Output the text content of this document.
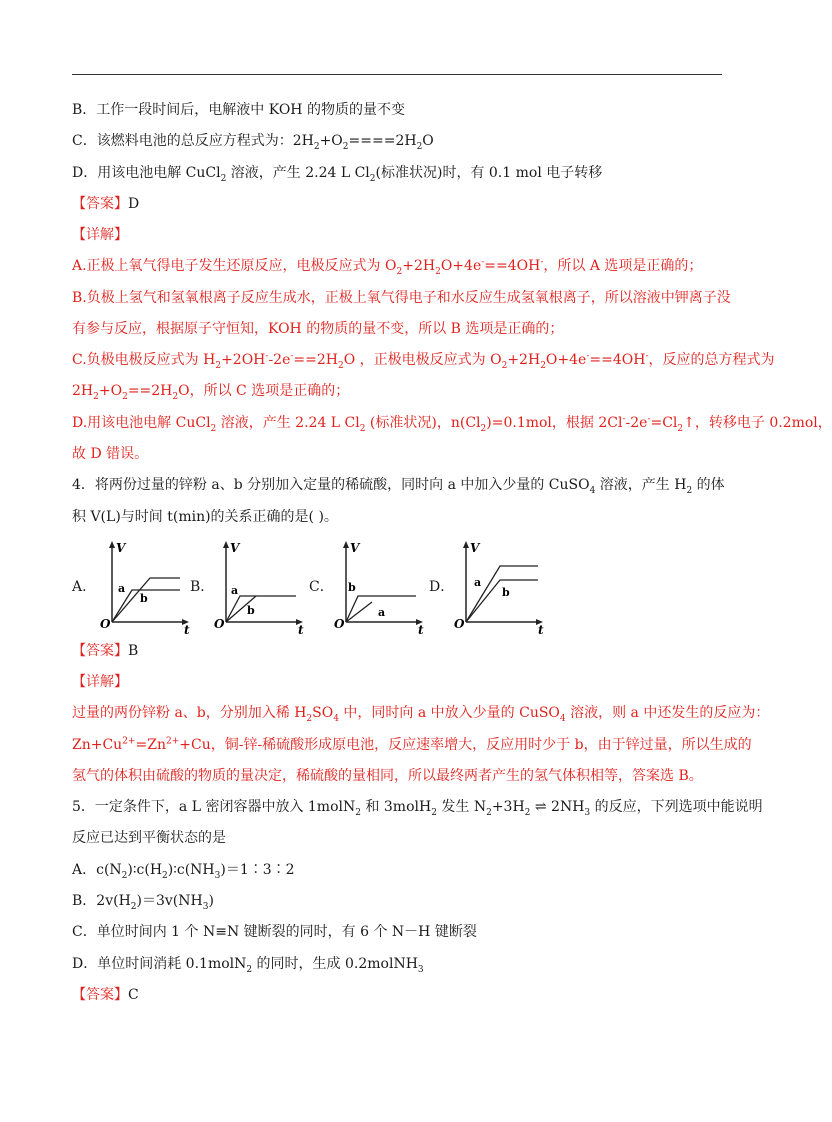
B．工作一段时间后，电解液中 KOH 的物质的量不变
C．该燃料电池的总反应方程式为：$2H_2+O_2====2H_2O$
D．用该电池电解 CuCl$_2$ 溶液，产生 2.24 L $Cl_2$(标准状况)时，有 0.1 mol 电子转移
【答案】D
【详解】
A.正极上氧气得电子发生还原反应，电极反应式为 $O_2+2H_2O+4e^-==4OH^-$，所以 A 选项是正确的；
B.负极上氢气和氢氧根离子反应生成水，正极上氧气得电子和水反应生成氢氧根离子，所以溶液中钾离子没
有参与反应，根据原子守恒知，KOH 的物质的量不变，所以 B 选项是正确的；
C.负极电极反应式为 $H_2+2OH^--2e^-==2H_2O$ ，正极电极反应式为 $O_2+2H_2O+4e^-==4OH^-$，反应的总方程式为
$2H_2+O_2==2H_2O$，所以 C 选项是正确的；
D.用该电池电解 CuCl$_2$ 溶液，产生 2.24 L $Cl_2$ (标准状况)，$n(Cl_2)=0.1mol$，根据 $2Cl^--2e^-=Cl_2↑$，转移电子 0.2mol，
故 D 错误。
4．将两份过量的锌粉 a、b 分别加入定量的稀硫酸，同时向 a 中加入少量的 CuSO$_4$ 溶液，产生 $H_2$ 的体
积 V(L)与时间 t(min)的关系正确的是( )。
A．
V
t
O
a
b
B．
V
t
O
a
b
C．
V
t
O
b
a
D．
V
t
O
a
b
【答案】B
【详解】
过量的两份锌粉 a、b，分别加入稀 $H_2SO_4$ 中，同时向 a 中放入少量的 CuSO$_4$ 溶液，则 a 中还发生的反应为：
$Zn+Cu^{2+}=Zn^{2+}+Cu$，铜-锌-稀硫酸形成原电池，反应速率增大，反应用时少于 b，由于锌过量，所以生成的
氢气的体积由硫酸的物质的量决定，稀硫酸的量相同，所以最终两者产生的氢气体积相等，答案选 B。
5．一定条件下，a L 密闭容器中放入 1molN$_2$ 和 3molH$_2$ 发生 $N_2+3H_2$ ⇌ $2NH_3$ 的反应，下列选项中能说明
反应已达到平衡状态的是
A．$c(N_2)∶c(H_2)∶c(NH_3)=1∶3∶2$
B．$2v(H_2)=3v(NH_3)$
C．单位时间内 1 个 N≡N 键断裂的同时，有 6 个 N－H 键断裂
D．单位时间消耗 0.1molN$_2$ 的同时，生成 0.2molNH$_3$
【答案】C
